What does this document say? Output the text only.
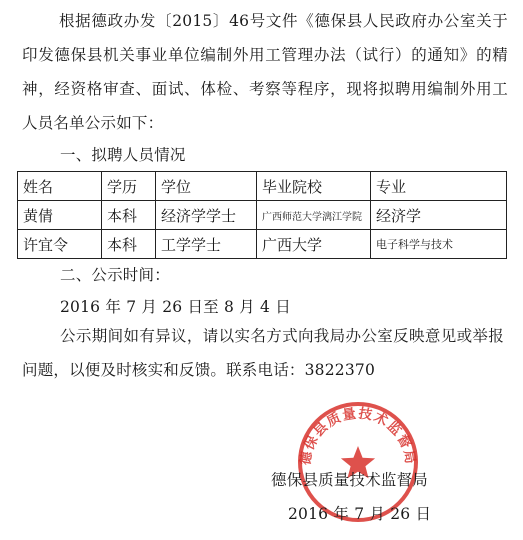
根据德政办发〔2015〕46号文件《德保县人民政府办公室关于印发德保县机关事业单位编制外用工管理办法（试行）的通知》的精神，经资格审查、面试、体检、考察等程序，现将拟聘用编制外用工人员名单公示如下：
一、拟聘人员情况
姓名	学历	学位	毕业院校	专业
黄倩	本科	经济学学士	广西师范大学漓江学院	经济学
许宜令	本科	工学学士	广西大学	电子科学与技术
二、公示时间：
2016 年 7 月 26 日至 8 月 4 日
公示期间如有异议，请以实名方式向我局办公室反映意见或举报问题，以便及时核实和反馈。联系电话：3822370
德保县质量技术监督局
德保县质量技术监督局
2016 年 7 月 26 日
